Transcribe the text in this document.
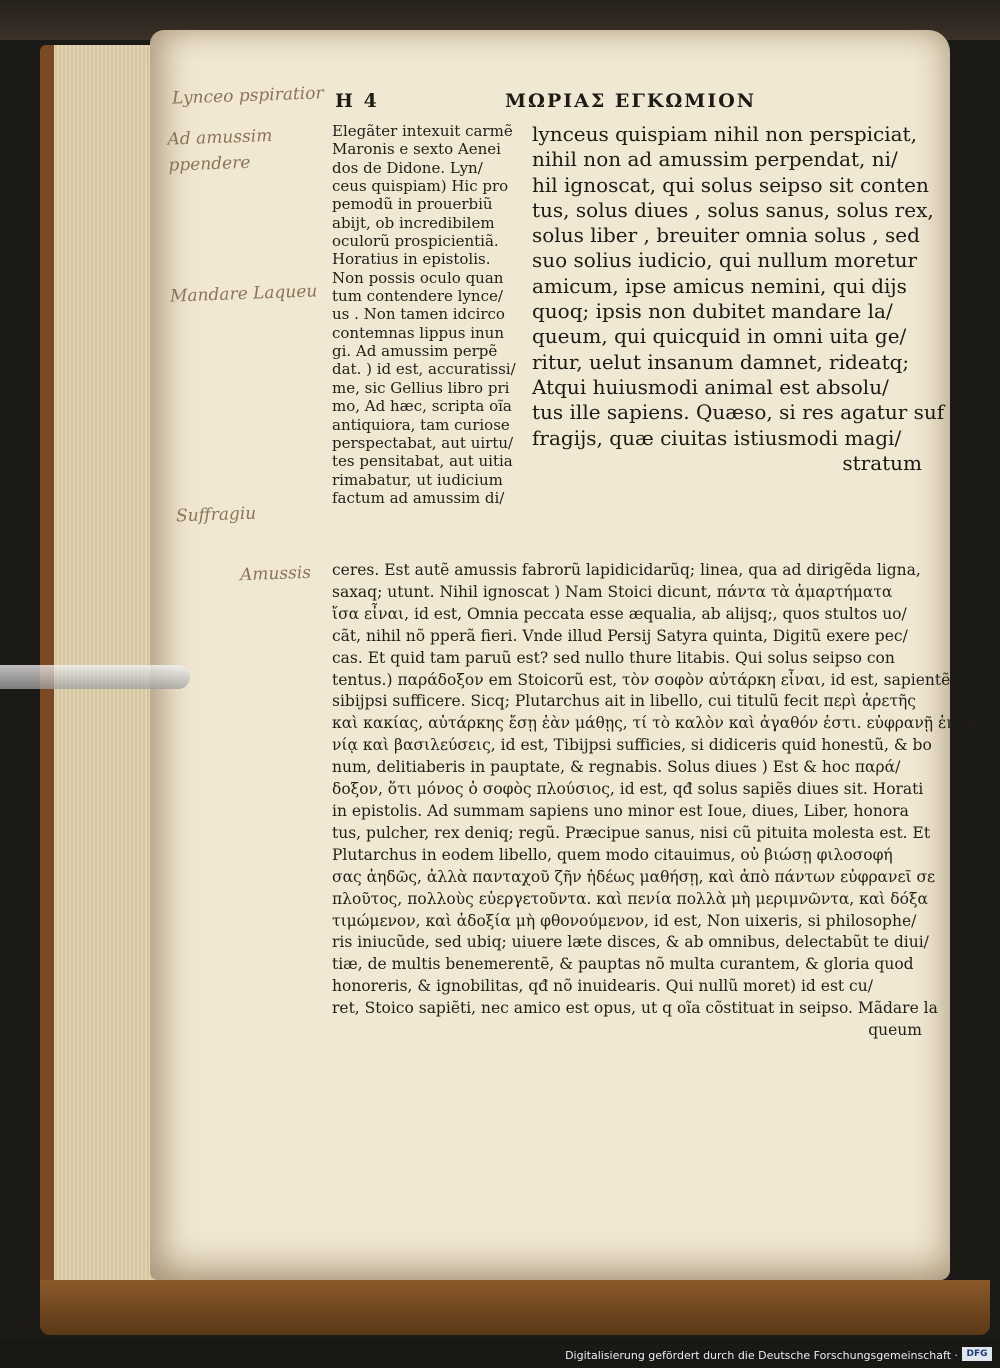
H 4	ΜΩΡΙΑΣ ΕΓΚΩΜΙΟΝ
Lynceo pspiratior
Ad amussim ppendere
Mandare Laqueu
Suffragiu
Amussis
Elegãter intexuit carmẽ
Maronis e sexto Aenei
dos de Didone. Lyn/
ceus quispiam) Hic pro
pemodũ in prouerbiũ
abijt, ob incredibilem
oculorũ prospicientiã.
Horatius in epistolis.
Non possis oculo quan
tum contendere lynce/
us . Non tamen idcirco
contemnas lippus inun
gi. Ad amussim perpẽ
dat. ) id est, accuratissi/
me, sic Gellius libro pri
mo, Ad hæc, scripta oĩa
antiquiora, tam curiose
perspectabat, aut uirtu/
tes pensitabat, aut uitia
rimabatur, ut iudicium
factum ad amussim di/
lynceus quispiam nihil non perspiciat,
nihil non ad amussim perpendat, ni/
hil ignoscat, qui solus seipso sit conten
tus, solus diues , solus sanus, solus rex,
solus liber , breuiter omnia solus , sed
suo solius iudicio, qui nullum moretur
amicum, ipse amicus nemini, qui dijs
quoq; ipsis non dubitet mandare la/
queum, qui quicquid in omni uita ge/
ritur, uelut insanum damnet, rideatq;
Atqui huiusmodi animal est absolu/
tus ille sapiens. Quæso, si res agatur suf
fragijs, quæ ciuitas istiusmodi magi/
stratum
ceres. Est autẽ amussis fabrorũ lapidicidarũq; linea, qua ad dirigẽda ligna,
saxaq; utunt. Nihil ignoscat ) Nam Stoici dicunt, πάντα τὰ ἁμαρτήματα
ἴσα εἶναι, id est, Omnia peccata esse æqualia, ab alijsq;, quos stultos uo/
cãt, nihil nõ pperã fieri. Vnde illud Persij Satyra quinta, Digitũ exere pec/
cas. Et quid tam paruũ est? sed nullo thure litabis. Qui solus seipso con
tentus.) παράδοξον em Stoicorũ est, τὸν σοφὸν αὐτάρκη εἶναι, id est, sapientẽ
sibijpsi sufficere. Sicq; Plutarchus ait in libello, cui titulũ fecit περὶ ἀρετῆς
καὶ κακίας, αὐτάρκης ἔσῃ ἐὰν μάθῃς, τί τὸ καλὸν καὶ ἀγαθόν ἐστι. εὐφρανῇ ἐν πε
νίᾳ καὶ βασιλεύσεις, id est, Tibijpsi sufficies, si didiceris quid honestũ, & bo
num, delitiaberis in pauptate, & regnabis. Solus diues ) Est & hoc παρά/
δοξον, ὅτι μόνος ὁ σοφὸς πλούσιος, id est, qđ solus sapiẽs diues sit. Horati
in epistolis. Ad summam sapiens uno minor est Ioue, diues, Liber, honora
tus, pulcher, rex deniq; regũ. Præcipue sanus, nisi cũ pituita molesta est. Et
Plutarchus in eodem libello, quem modo citauimus, οὐ βιώσῃ φιλοσοφή
σας ἀηδῶς, ἀλλὰ πανταχοῦ ζῆν ἡδέως μαθήσῃ, καὶ ἀπὸ πάντων εὐφρανεῖ σε
πλοῦτος, πολλοὺς εὐεργετοῦντα. καὶ πενία πολλὰ μὴ μεριμνῶντα, καὶ δόξα
τιμώμενον, καὶ ἀδοξία μὴ φθονούμενον, id est, Non uixeris, si philosophe/
ris iniucũde, sed ubiq; uiuere læte disces, & ab omnibus, delectabũt te diui/
tiæ, de multis benemerentẽ, & pauptas nõ multa curantem, & gloria quod
honoreris, & ignobilitas, qđ nõ inuidearis. Qui nullũ moret) id est cu/
ret, Stoico sapiẽti, nec amico est opus, ut q oĩa cõstituat in seipso. Mãdare la
queum
Digitalisierung gefördert durch die Deutsche Forschungsgemeinschaft · DFG
